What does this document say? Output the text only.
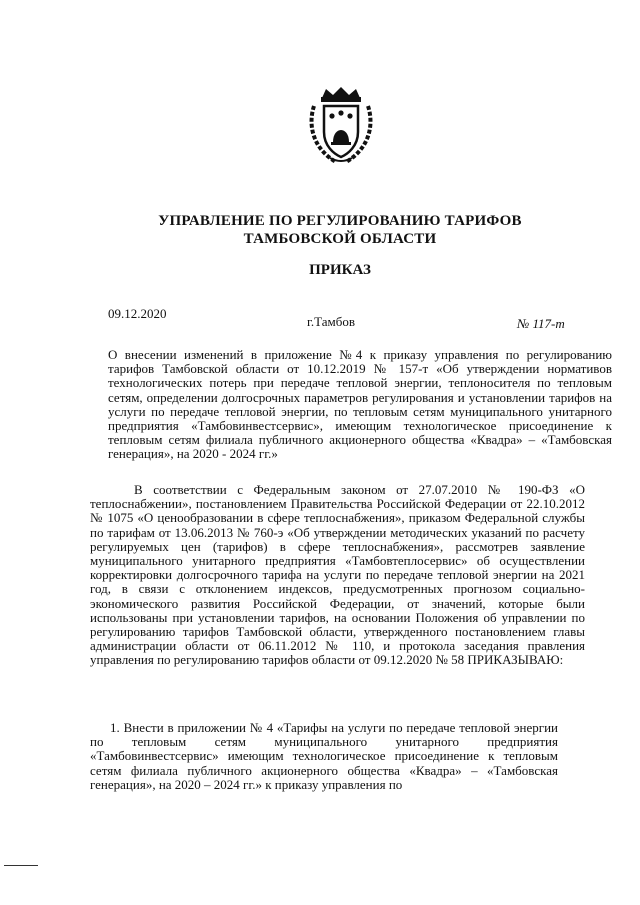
УПРАВЛЕНИЕ ПО РЕГУЛИРОВАНИЮ ТАРИФОВ
ТАМБОВСКОЙ ОБЛАСТИ
ПРИКАЗ
09.12.2020
г.Тамбов	№ 117-т
О внесении изменений в приложение №4 к приказу управления по регулированию тарифов Тамбовской области от 10.12.2019 № 157-т «Об утверждении нормативов технологических потерь при передаче тепловой энергии, теплоносителя по тепловым сетям, определении долгосрочных параметров регулирования и установлении тарифов на услуги по передаче тепловой энергии, по тепловым сетям муниципального унитарного предприятия «Тамбовинвестсервис», имеющим технологическое присоединение к тепловым сетям филиала публичного акционерного общества «Квадра» – «Тамбовская генерация», на 2020 - 2024 гг.»
В соответствии с Федеральным законом от 27.07.2010 № 190-ФЗ «О теплоснабжении», постановлением Правительства Российской Федерации от 22.10.2012 № 1075 «О ценообразовании в сфере теплоснабжения», приказом Федеральной службы по тарифам от 13.06.2013 № 760-э «Об утверждении методических указаний по расчету регулируемых цен (тарифов) в сфере теплоснабжения», рассмотрев заявление муниципального унитарного предприятия «Тамбовтеплосервис» об осуществлении корректировки долгосрочного тарифа на услуги по передаче тепловой энергии на 2021 год, в связи с отклонением индексов, предусмотренных прогнозом социально-экономического развития Российской Федерации, от значений, которые были использованы при установлении тарифов, на основании Положения об управлении по регулированию тарифов Тамбовской области, утвержденного постановлением главы администрации области от 06.11.2012 № 110, и протокола заседания правления управления по регулированию тарифов области от 09.12.2020 № 58 ПРИКАЗЫВАЮ:
1. Внести в приложении № 4 «Тарифы на услуги по передаче тепловой энергии по тепловым сетям муниципального унитарного предприятия «Тамбовинвестсервис» имеющим технологическое присоединение к тепловым сетям филиала публичного акционерного общества «Квадра» – «Тамбовская генерация», на 2020 – 2024 гг.» к приказу управления по
